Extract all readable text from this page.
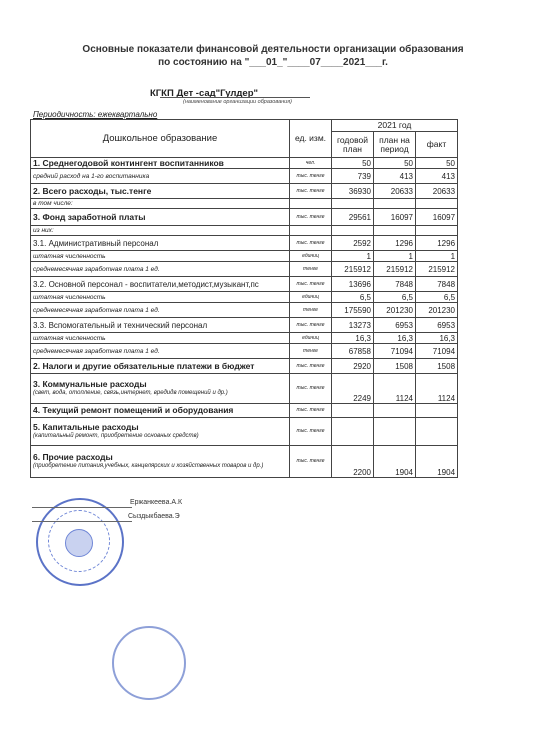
Основные показатели финансовой деятельности организации образования
по состоянию на "___01_"____07____2021___г.
КГКП Дет -сад"Гулдер"
(наименование организации образования)
Периодичность: ежеквартально
Дошкольное образование	ед. изм.	2021 год		
		годовой план	план на период	факт

1. Среднегодовой контингент воспитанников	чел.	50	50	50

средний расход на 1-го воспитанника	тыс. тенге	739	413	413

2. Всего расходы, тыс.тенге	тыс. тенге	36930	20633	20633

в том числе:				

3. Фонд заработной платы	тыс. тенге	29561	16097	16097

из них:				

3.1. Административный персонал	тыс. тенге	2592	1296	1296

штатная численность	единиц	1	1	1

среднемесячная заработная плата 1 ед.	тенге	215912	215912	215912

3.2. Основной персонал - воспитатели,методист,музыкант,пс	тыс. тенге	13696	7848	7848

штатная численность	единиц	6,5	6,5	6,5

среднемесячная заработная плата 1 ед.	тенге	175590	201230	201230

3.3. Вспомогательный и технический персонал	тыс. тенге	13273	6953	6953

штатная численность	единиц	16,3	16,3	16,3

среднемесячная заработная плата 1 ед.	тенге	67858	71094	71094

2. Налоги и другие обязательные платежи в бюджет	тыс. тенге	2920	1508	1508

3. Коммунальные расходы
(свет, вода, отопление, связь,интернет, вредидв помещений и др.)	тыс. тенге	2249	1124	1124

4. Текущий ремонт помещений и оборудования	тыс. тенге			

5. Капитальные расходы
(капитальный ремонт, приобретение основных средств)	тыс. тенге			

6. Прочие расходы
(приобретение питания,учебных, канцелярских и хозяйственных товаров и др.)	тыс. тенге	2200	1904	1904
Ержанкеева.А.К
Сыздыкбаева.Э
